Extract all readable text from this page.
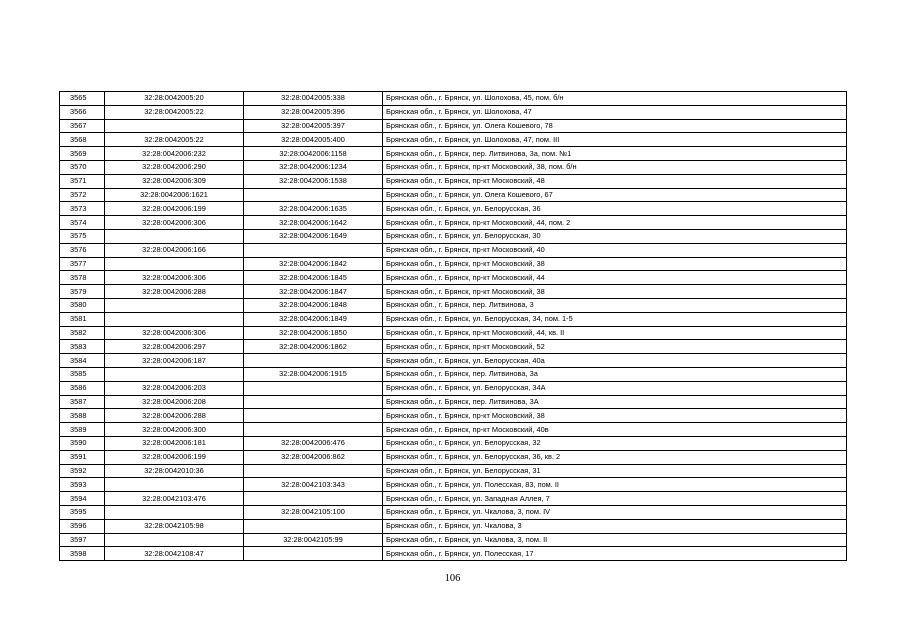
3565	32:28:0042005:20	32:28:0042005:338	Брянская обл., г. Брянск, ул. Шолохова, 45, пом. б/н
3566	32:28:0042005:22	32:28:0042005:396	Брянская обл., г. Брянск, ул. Шолохова, 47
3567		32:28:0042005:397	Брянская обл., г. Брянск, ул. Олега Кошевого, 78
3568	32:28:0042005:22	32:28:0042005:400	Брянская обл., г. Брянск, ул. Шолохова, 47, пом. III
3569	32:28:0042006:232	32:28:0042006:1158	Брянская обл., г. Брянск, пер. Литвинова, 3а, пом. №1
3570	32:28:0042006:290	32:28:0042006:1234	Брянская обл., г. Брянск, пр-кт Московский, 38, пом. б/н
3571	32:28:0042006:309	32:28:0042006:1538	Брянская обл., г. Брянск, пр-кт Московский, 48
3572	32:28:0042006:1621		Брянская обл., г. Брянск, ул. Олега Кошевого, 67
3573	32:28:0042006:199	32:28:0042006:1635	Брянская обл., г. Брянск, ул. Белорусская, 36
3574	32:28:0042006:306	32:28:0042006:1642	Брянская обл., г. Брянск, пр-кт Московский, 44, пом. 2
3575		32:28:0042006:1649	Брянская обл., г. Брянск, ул. Белорусская, 30
3576	32:28:0042006:166		Брянская обл., г. Брянск, пр-кт Московский, 40
3577		32:28:0042006:1842	Брянская обл., г. Брянск, пр-кт Московский, 38
3578	32:28:0042006:306	32:28:0042006:1845	Брянская обл., г. Брянск, пр-кт Московский, 44
3579	32:28:0042006:288	32:28:0042006:1847	Брянская обл., г. Брянск, пр-кт Московский, 38
3580		32:28:0042006:1848	Брянская обл., г. Брянск, пер. Литвинова, 3
3581		32:28:0042006:1849	Брянская обл., г. Брянск, ул. Белорусская, 34, пом. 1-5
3582	32:28:0042006:306	32:28:0042006:1850	Брянская обл., г. Брянск, пр-кт Московский, 44, кв. II
3583	32:28:0042006:297	32:28:0042006:1862	Брянская обл., г. Брянск, пр-кт Московский, 52
3584	32:28:0042006:187		Брянская обл., г. Брянск, ул. Белорусская, 40а
3585		32:28:0042006:1915	Брянская обл., г. Брянск, пер. Литвинова, 3а
3586	32:28:0042006:203		Брянская обл., г. Брянск, ул. Белорусская, 34А
3587	32:28:0042006:208		Брянская обл., г. Брянск, пер. Литвинова, 3А
3588	32:28:0042006:288		Брянская обл., г. Брянск, пр-кт Московский, 38
3589	32:28:0042006:300		Брянская обл., г. Брянск, пр-кт Московский, 40в
3590	32:28:0042006:181	32:28:0042006:476	Брянская обл., г. Брянск, ул. Белорусская, 32
3591	32:28:0042006:199	32:28:0042006:862	Брянская обл., г. Брянск, ул. Белорусская, 36, кв. 2
3592	32:28:0042010:36		Брянская обл., г. Брянск, ул. Белорусская, 31
3593		32:28:0042103:343	Брянская обл., г. Брянск, ул. Полесская, 83, пом. II
3594	32:28:0042103:476		Брянская обл., г. Брянск, ул. Западная Аллея, 7
3595		32:28:0042105:100	Брянская обл., г. Брянск, ул. Чкалова, 3, пом. IV
3596	32:28:0042105:98		Брянская обл., г. Брянск, ул. Чкалова, 3
3597		32:28:0042105:99	Брянская обл., г. Брянск, ул. Чкалова, 3, пом. II
3598	32:28:0042108:47		Брянская обл., г. Брянск, ул. Полесская, 17
106
